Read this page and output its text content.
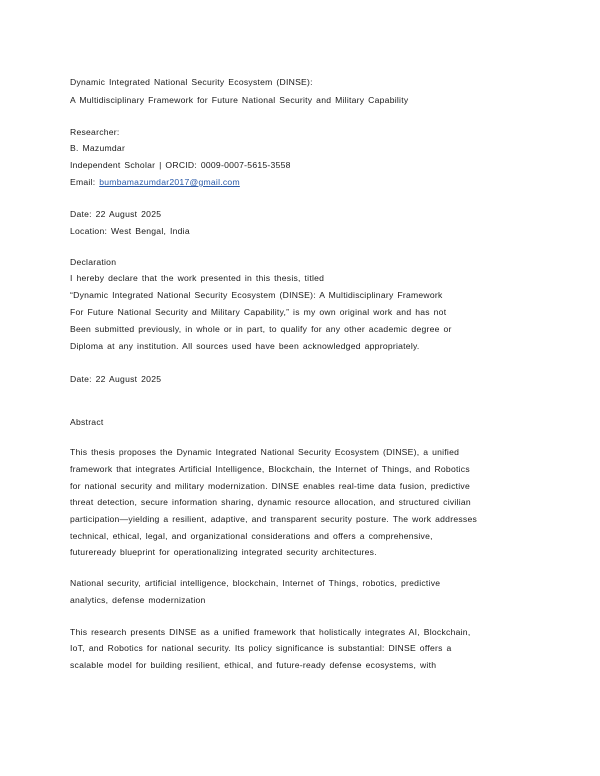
Dynamic Integrated National Security Ecosystem (DINSE):
A Multidisciplinary Framework for Future National Security and Military Capability
Researcher:
B. Mazumdar
Independent Scholar | ORCID: 0009-0007-5615-3558
Email: bumbamazumdar2017@gmail.com
Date: 22 August 2025
Location: West Bengal, India
Declaration
I hereby declare that the work presented in this thesis, titled
“Dynamic Integrated National Security Ecosystem (DINSE): A Multidisciplinary Framework
For Future National Security and Military Capability,” is my own original work and has not
Been submitted previously, in whole or in part, to qualify for any other academic degree or
Diploma at any institution. All sources used have been acknowledged appropriately.
Date: 22 August 2025
Abstract
This thesis proposes the Dynamic Integrated National Security Ecosystem (DINSE), a unified
framework that integrates Artificial Intelligence, Blockchain, the Internet of Things, and Robotics
for national security and military modernization. DINSE enables real-time data fusion, predictive
threat detection, secure information sharing, dynamic resource allocation, and structured civilian
participation—yielding a resilient, adaptive, and transparent security posture. The work addresses
technical, ethical, legal, and organizational considerations and offers a comprehensive,
futureready blueprint for operationalizing integrated security architectures.
National security, artificial intelligence, blockchain, Internet of Things, robotics, predictive
analytics, defense modernization
This research presents DINSE as a unified framework that holistically integrates AI, Blockchain,
IoT, and Robotics for national security. Its policy significance is substantial: DINSE offers a
scalable model for building resilient, ethical, and future-ready defense ecosystems, with
